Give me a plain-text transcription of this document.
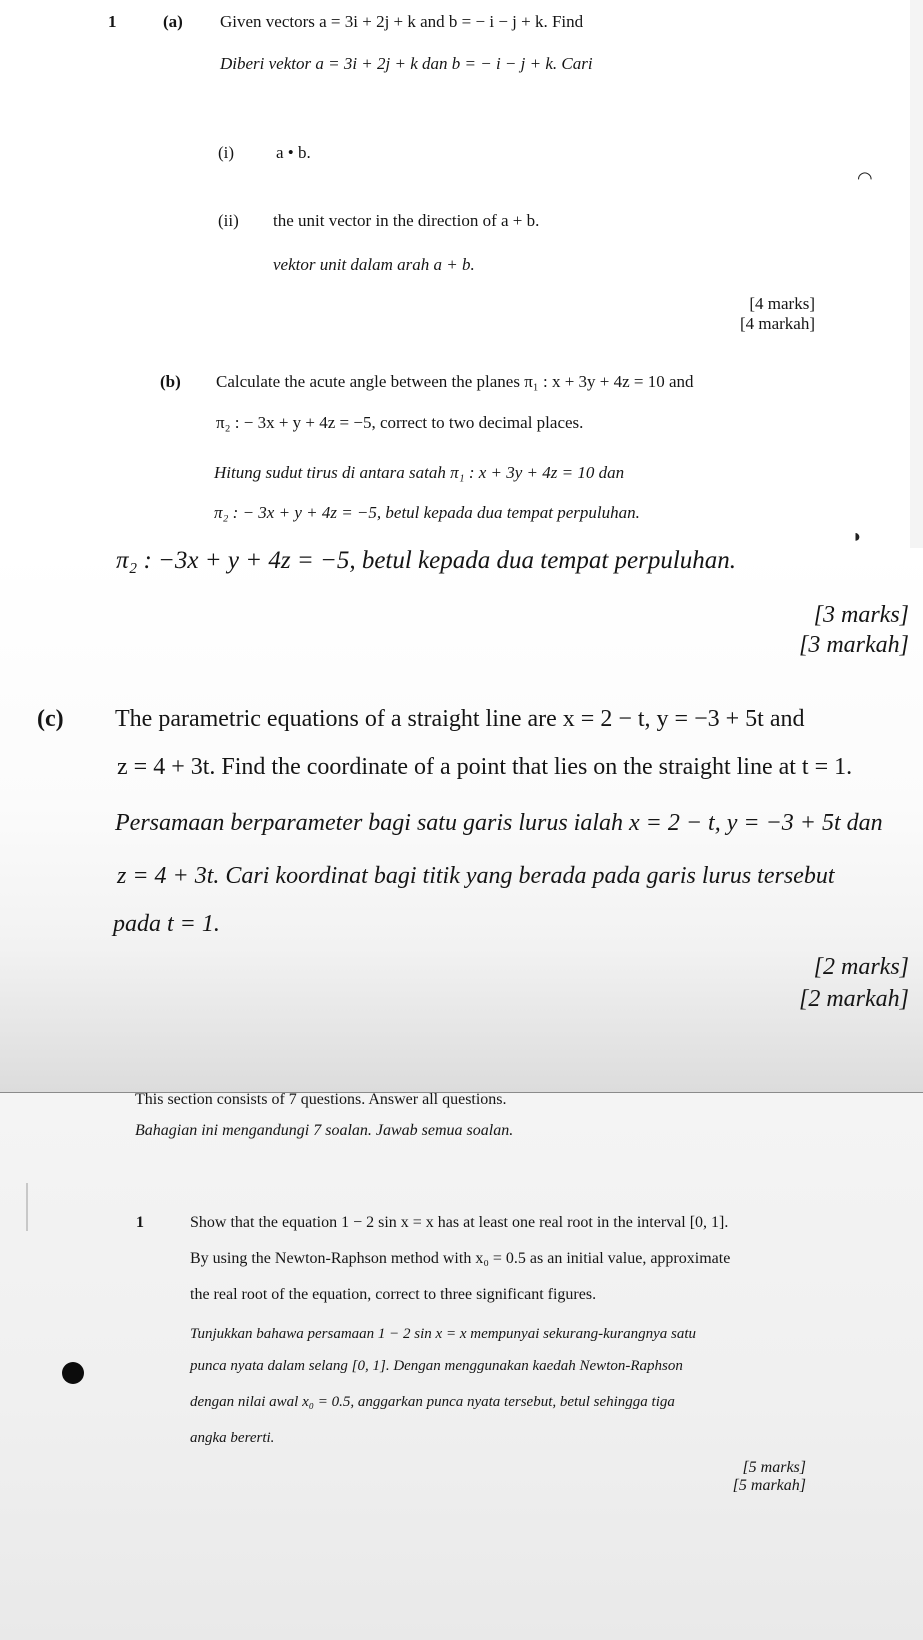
1	(a) Given vectors a = 3i + 2j + k and b = − i − j + k. Find
Diberi vektor a = 3i + 2j + k dan b = − i − j + k. Cari
(i) a • b.
◠
(ii) the unit vector in the direction of a + b.
vektor unit dalam arah a + b.
[4 marks]
[4 markah]
(b) Calculate the acute angle between the planes π₁ : x + 3y + 4z = 10 and
π₂ : − 3x + y + 4z = −5, correct to two decimal places.
Hitung sudut tirus di antara satah π₁ : x + 3y + 4z = 10 dan
π₂ : − 3x + y + 4z = −5, betul kepada dua tempat perpuluhan.
◗
π₂ : −3x + y + 4z = −5, betul kepada dua tempat perpuluhan.
[3 marks]
[3 markah]
(c) The parametric equations of a straight line are x = 2 − t, y = −3 + 5t and
z = 4 + 3t. Find the coordinate of a point that lies on the straight line at t = 1.
Persamaan berparameter bagi satu garis lurus ialah x = 2 − t, y = −3 + 5t dan
z = 4 + 3t. Cari koordinat bagi titik yang berada pada garis lurus tersebut
pada t = 1.
[2 marks]
[2 markah]
This section consists of 7 questions. Answer all questions.
Bahagian ini mengandungi 7 soalan. Jawab semua soalan.
1	Show that the equation 1 − 2 sin x = x has at least one real root in the interval [0, 1].
By using the Newton-Raphson method with x₀ = 0.5 as an initial value, approximate
the real root of the equation, correct to three significant figures.
Tunjukkan bahawa persamaan 1 − 2 sin x = x mempunyai sekurang-kurangnya satu
punca nyata dalam selang [0, 1]. Dengan menggunakan kaedah Newton-Raphson
dengan nilai awal x₀ = 0.5, anggarkan punca nyata tersebut, betul sehingga tiga
angka bererti.
[5 marks]
[5 markah]
